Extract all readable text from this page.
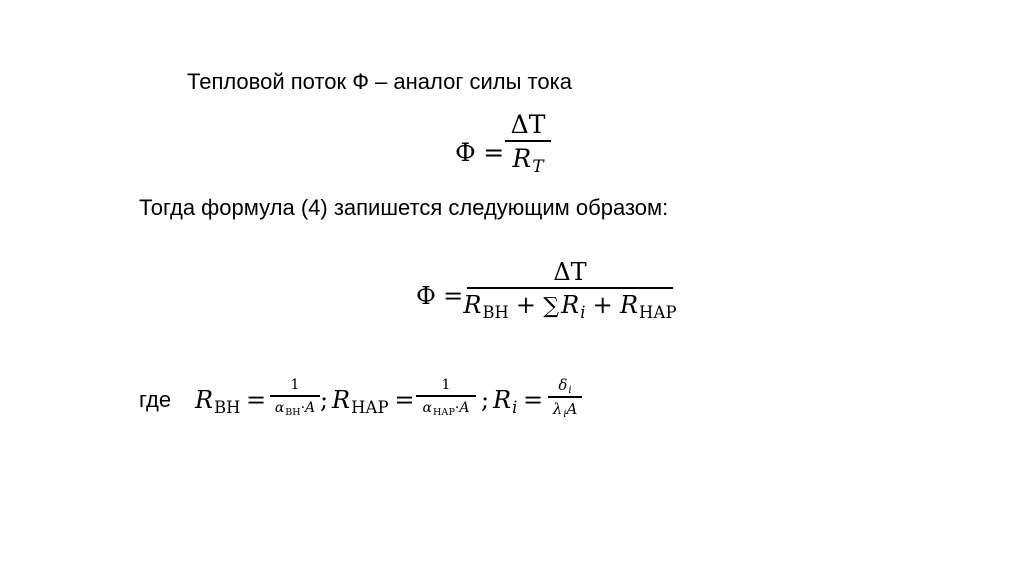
Тепловой поток Ф – аналог силы тока
Ф =
Δ T
R T
Тогда формула (4) запишется следующим образом:
Ф =
Δ T
R ВН + ∑ R i + R НАР
где $R_{ВН}$ =
1
α ВН · A ; $R_{НАР}$ =
1
α НАР · A ; $R_i$ =
δ i
λ i A
